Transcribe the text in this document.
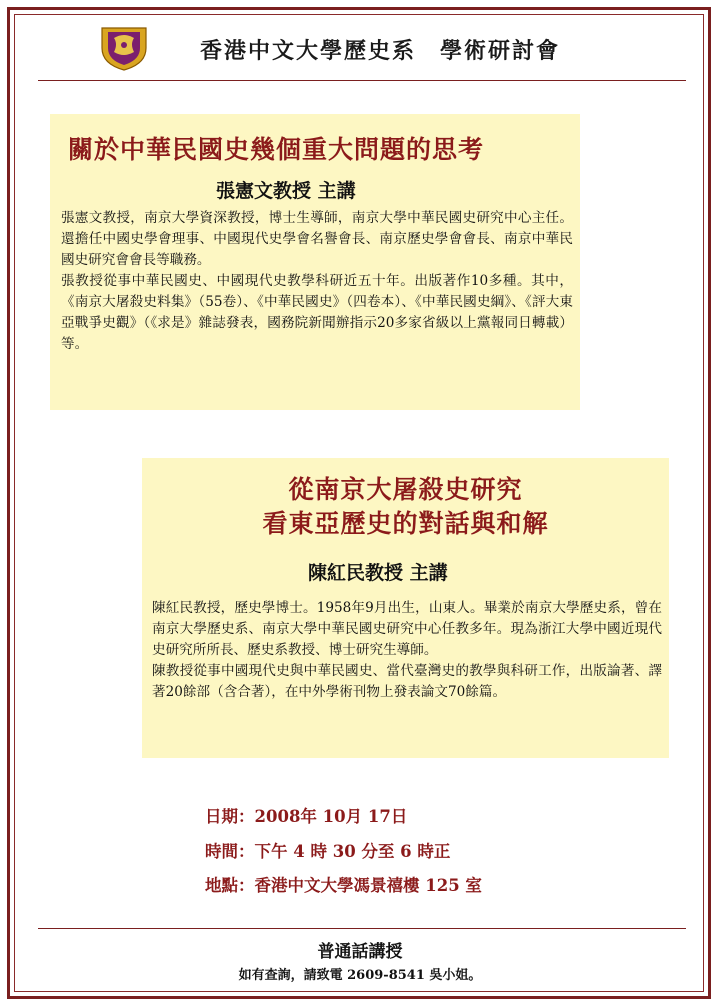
香港中文大學歷史系　學術研討會
關於中華民國史幾個重大問題的思考
張憲文教授 主講

張憲文教授，南京大學資深教授，博士生導師，南京大學中華民國史研究中心主任。還擔任中國史學會理事、中國現代史學會名譽會長、南京歷史學會會長、南京中華民國史研究會會長等職務。

張教授從事中華民國史、中國現代史教學科研近五十年。出版著作10多種。其中，《南京大屠殺史料集》（55卷）、《中華民國史》（四卷本）、《中華民國史綱》、《評大東亞戰爭史觀》（《求是》雜誌發表，國務院新聞辦指示20多家省級以上黨報同日轉載）等。

從南京大屠殺史研究
看東亞歷史的對話與和解
陳紅民教授 主講

陳紅民教授，歷史學博士。1958年9月出生，山東人。畢業於南京大學歷史系，曾在南京大學歷史系、南京大學中華民國史研究中心任教多年。現為浙江大學中國近現代史研究所所長、歷史系教授、博士研究生導師。

陳教授從事中國現代史與中華民國史、當代臺灣史的教學與科研工作，出版論著、譯著20餘部（含合著），在中外學術刊物上發表論文70餘篇。

日期：2008年 10月 17日
時間：下午 4 時 30 分至 6 時正
地點：香港中文大學馮景禧樓 125 室
普通話講授
如有查詢，請致電 2609-8541 吳小姐。
